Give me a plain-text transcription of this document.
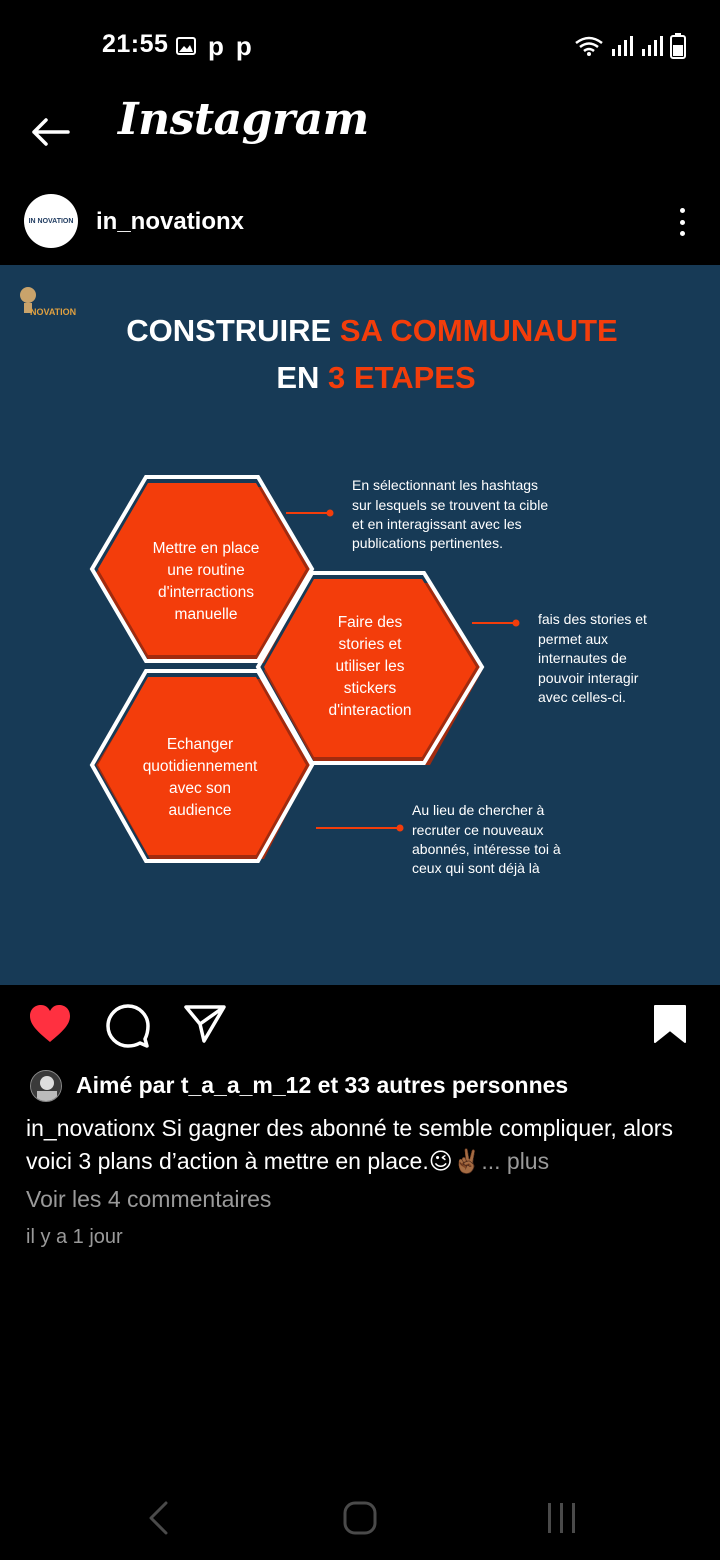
21:55 p p
Instagram
IN NOVATION in_novationx
NOVATION
CONSTRUIRE SA COMMUNAUTE
EN 3 ETAPES
Mettre en place
une routine
d'interractions
manuelle	Faire des
stories et
utiliser les
stickers
d'interaction
Echanger
quotidiennement
avec son
audience
En sélectionnant les hashtags
sur lesquels se trouvent ta cible
et en interagissant avec les
publications pertinentes.
fais des stories et
permet aux
internautes de
pouvoir interagir
avec celles-ci.
Au lieu de chercher à
recruter ce nouveaux
abonnés, intéresse toi à
ceux qui sont déjà là
Aimé par t_a_a_m_12 et 33 autres personnes
in_novationx Si gagner des abonné te semble compliquer, alors voici 3 plans d’action à mettre en place.😉✌🏾... plus
Voir les 4 commentaires
il y a 1 jour
